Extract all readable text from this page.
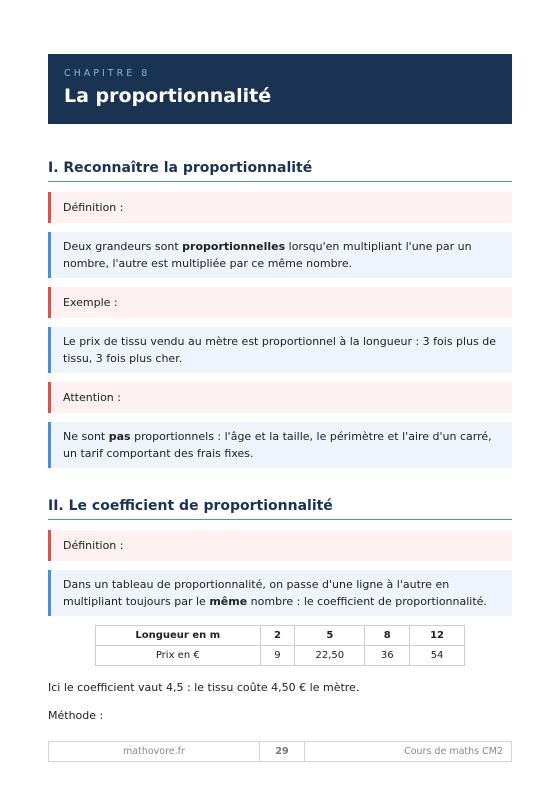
CHAPITRE 8
La proportionnalité
I. Reconnaître la proportionnalité
Définition :
Deux grandeurs sont proportionnelles lorsqu'en multipliant l'une par un nombre, l'autre est multipliée par ce même nombre.
Exemple :
Le prix de tissu vendu au mètre est proportionnel à la longueur : 3 fois plus de tissu, 3 fois plus cher.
Attention :
Ne sont pas proportionnels : l'âge et la taille, le périmètre et l'aire d'un carré, un tarif comportant des frais fixes.
II. Le coefficient de proportionnalité
Définition :
Dans un tableau de proportionnalité, on passe d'une ligne à l'autre en multipliant toujours par le même nombre : le coefficient de proportionnalité.
Longueur en m	2	5	8	12
Prix en €	9	22,50	36	54
Ici le coefficient vaut 4,5 : le tissu coûte 4,50 € le mètre.
Méthode :
mathovore.fr	29	Cours de maths CM2
